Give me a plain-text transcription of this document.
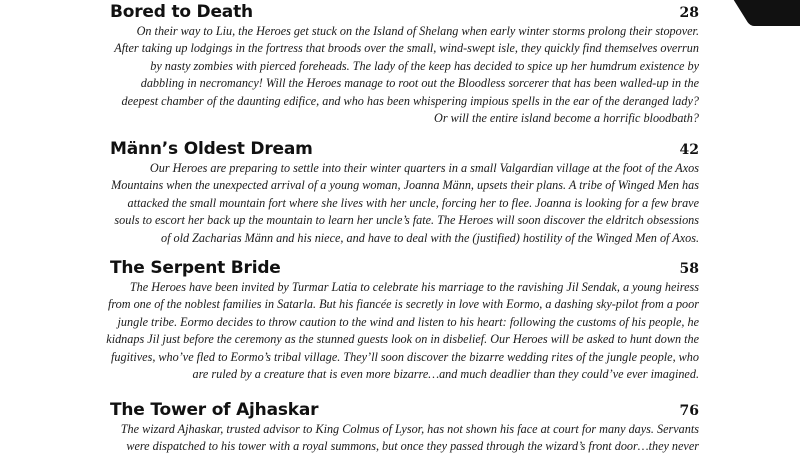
Bored to Death	28
On their way to Liu, the Heroes get stuck on the Island of Shelang when early winter storms prolong their stopover. After taking up lodgings in the fortress that broods over the small, wind-swept isle, they quickly find themselves overrun by nasty zombies with pierced foreheads. The lady of the keep has decided to spice up her humdrum existence by dabbling in necromancy! Will the Heroes manage to root out the Bloodless sorcerer that has been walled-up in the deepest chamber of the daunting edifice, and who has been whispering impious spells in the ear of the deranged lady? Or will the entire island become a horrific bloodbath?
Männ’s Oldest Dream	42
Our Heroes are preparing to settle into their winter quarters in a small Valgardian village at the foot of the Axos Mountains when the unexpected arrival of a young woman, Joanna Männ, upsets their plans. A tribe of Winged Men has attacked the small mountain fort where she lives with her uncle, forcing her to flee. Joanna is looking for a few brave souls to escort her back up the mountain to learn her uncle’s fate. The Heroes will soon discover the eldritch obsessions of old Zacharias Männ and his niece, and have to deal with the (justified) hostility of the Winged Men of Axos.
The Serpent Bride	58
The Heroes have been invited by Turmar Latia to celebrate his marriage to the ravishing Jil Sendak, a young heiress from one of the noblest families in Satarla. But his fiancée is secretly in love with Eormo, a dashing sky-pilot from a poor jungle tribe. Eormo decides to throw caution to the wind and listen to his heart: following the customs of his people, he kidnaps Jil just before the ceremony as the stunned guests look on in disbelief. Our Heroes will be asked to hunt down the fugitives, who’ve fled to Eormo’s tribal village. They’ll soon discover the bizarre wedding rites of the jungle people, who are ruled by a creature that is even more bizarre…and much deadlier than they could’ve ever imagined.
The Tower of Ajhaskar	76
The wizard Ajhaskar, trusted advisor to King Colmus of Lysor, has not shown his face at court for many days. Servants were dispatched to his tower with a royal summons, but once they passed through the wizard’s front door…they never
